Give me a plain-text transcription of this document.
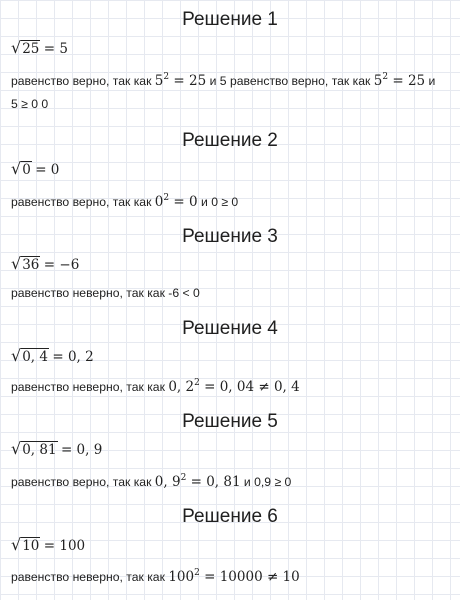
Решение 1
√25 = 5
равенство верно, так как $5^2 = 25$ и 5 равенство верно, так как $5^2 = 25$ и
5 ≥ 0 0
Решение 2
√0 = 0
равенство верно, так как $0^2 = 0$ и 0 ≥ 0
Решение 3
√36 = −6
равенство неверно, так как -6 < 0
Решение 4
√0, 4 = 0, 2
равенство неверно, так как 0, $2^2 = 0$, 04 ≠ 0, 4
Решение 5
√0, 81 = 0, 9
равенство верно, так как 0, $9^2 = 0$, 81 и 0,9 ≥ 0
Решение 6
√10 = 100
равенство неверно, так как $100^2 = 10000 \ne 10$
